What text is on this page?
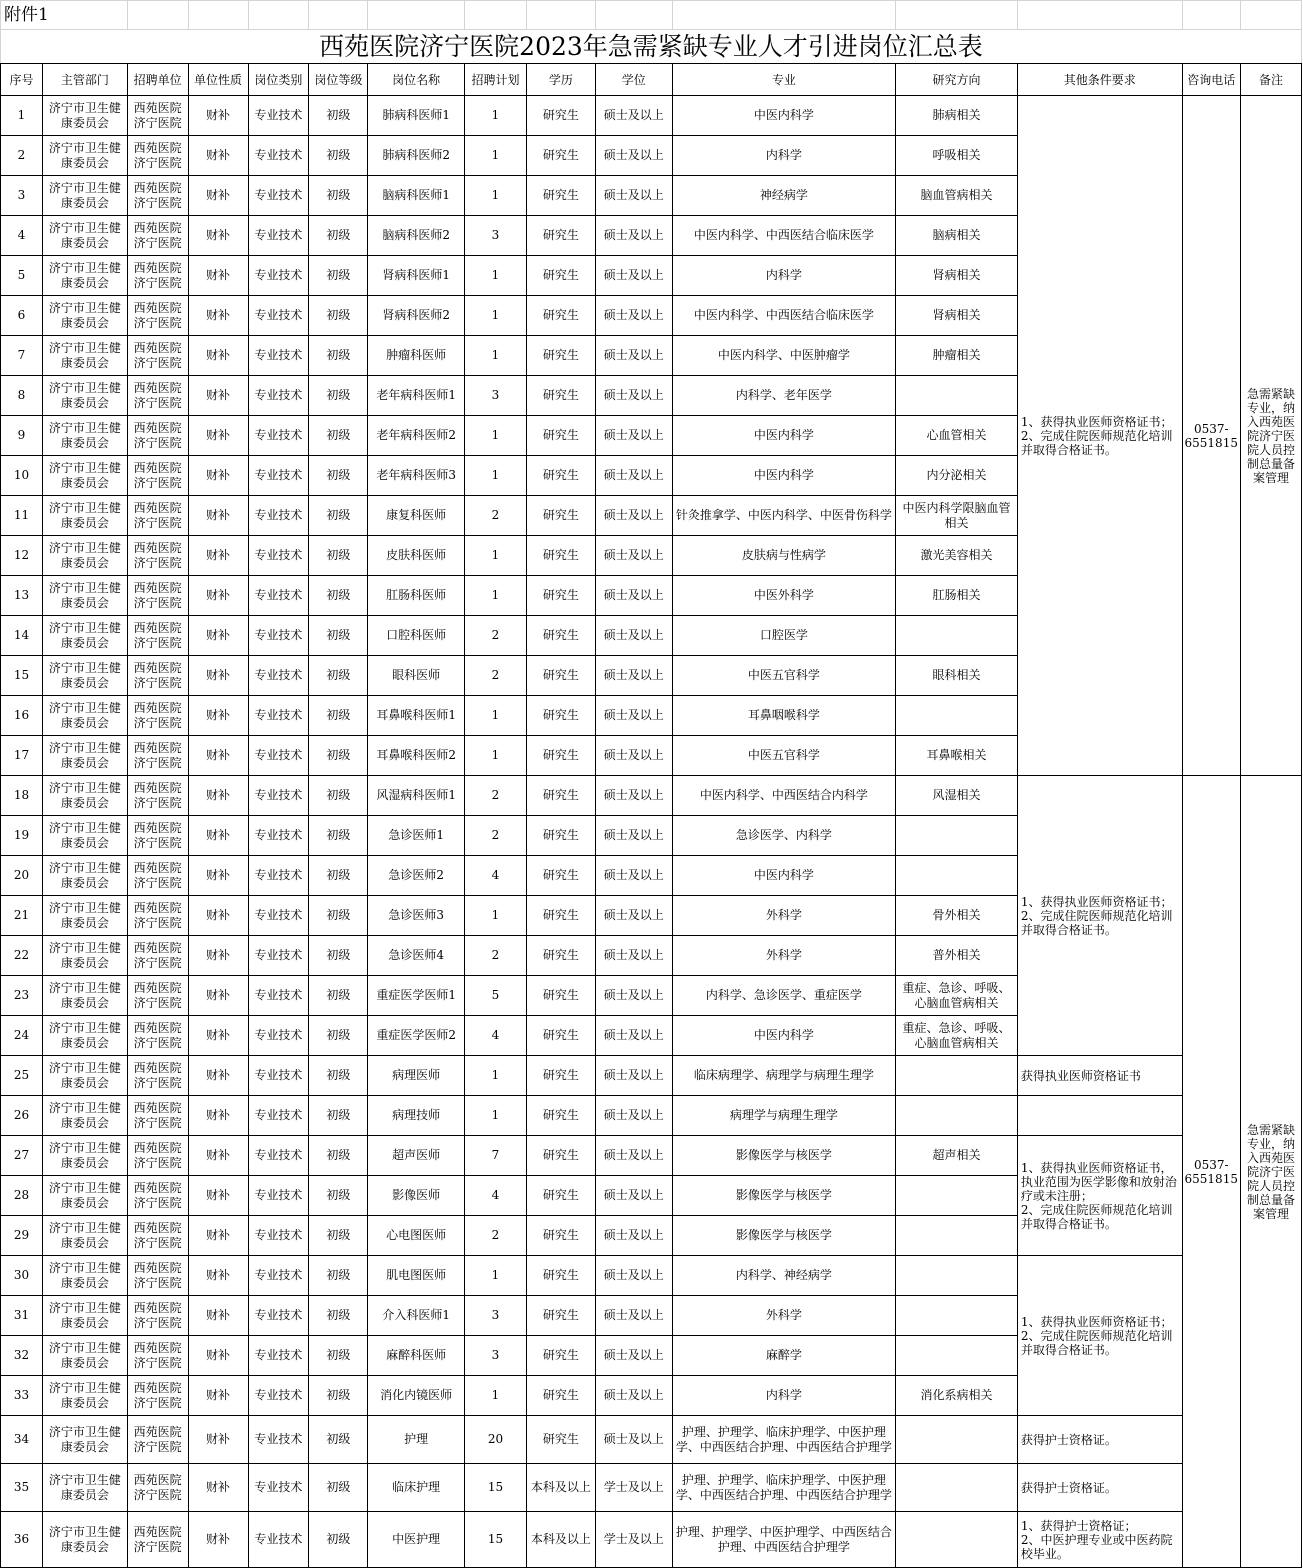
附件1														
西苑医院济宁医院2023年急需紧缺专业人才引进岗位汇总表														
序号	主管部门	招聘单位	单位性质	岗位类别	岗位等级	岗位名称	招聘计划	学历	学位	专业	研究方向	其他条件要求	咨询电话	备注
1	济宁市卫生健康委员会	西苑医院济宁医院	财补	专业技术	初级	肺病科医师1	1	研究生	硕士及以上	中医内科学	肺病相关	1、获得执业医师资格证书；
2、完成住院医师规范化培训并取得合格证书。	0537-6551815	急需紧缺专业，纳入西苑医院济宁医院人员控制总量备案管理
2	济宁市卫生健康委员会	西苑医院济宁医院	财补	专业技术	初级	肺病科医师2	1	研究生	硕士及以上	内科学	呼吸相关			
3	济宁市卫生健康委员会	西苑医院济宁医院	财补	专业技术	初级	脑病科医师1	1	研究生	硕士及以上	神经病学	脑血管病相关			
4	济宁市卫生健康委员会	西苑医院济宁医院	财补	专业技术	初级	脑病科医师2	3	研究生	硕士及以上	中医内科学、中西医结合临床医学	脑病相关			
5	济宁市卫生健康委员会	西苑医院济宁医院	财补	专业技术	初级	肾病科医师1	1	研究生	硕士及以上	内科学	肾病相关			
6	济宁市卫生健康委员会	西苑医院济宁医院	财补	专业技术	初级	肾病科医师2	1	研究生	硕士及以上	中医内科学、中西医结合临床医学	肾病相关			
7	济宁市卫生健康委员会	西苑医院济宁医院	财补	专业技术	初级	肿瘤科医师	1	研究生	硕士及以上	中医内科学、中医肿瘤学	肿瘤相关			
8	济宁市卫生健康委员会	西苑医院济宁医院	财补	专业技术	初级	老年病科医师1	3	研究生	硕士及以上	内科学、老年医学				
9	济宁市卫生健康委员会	西苑医院济宁医院	财补	专业技术	初级	老年病科医师2	1	研究生	硕士及以上	中医内科学	心血管相关			
10	济宁市卫生健康委员会	西苑医院济宁医院	财补	专业技术	初级	老年病科医师3	1	研究生	硕士及以上	中医内科学	内分泌相关			
11	济宁市卫生健康委员会	西苑医院济宁医院	财补	专业技术	初级	康复科医师	2	研究生	硕士及以上	针灸推拿学、中医内科学、中医骨伤科学	中医内科学限脑血管相关			
12	济宁市卫生健康委员会	西苑医院济宁医院	财补	专业技术	初级	皮肤科医师	1	研究生	硕士及以上	皮肤病与性病学	激光美容相关			
13	济宁市卫生健康委员会	西苑医院济宁医院	财补	专业技术	初级	肛肠科医师	1	研究生	硕士及以上	中医外科学	肛肠相关			
14	济宁市卫生健康委员会	西苑医院济宁医院	财补	专业技术	初级	口腔科医师	2	研究生	硕士及以上	口腔医学				
15	济宁市卫生健康委员会	西苑医院济宁医院	财补	专业技术	初级	眼科医师	2	研究生	硕士及以上	中医五官科学	眼科相关			
16	济宁市卫生健康委员会	西苑医院济宁医院	财补	专业技术	初级	耳鼻喉科医师1	1	研究生	硕士及以上	耳鼻咽喉科学				
17	济宁市卫生健康委员会	西苑医院济宁医院	财补	专业技术	初级	耳鼻喉科医师2	1	研究生	硕士及以上	中医五官科学	耳鼻喉相关			
18	济宁市卫生健康委员会	西苑医院济宁医院	财补	专业技术	初级	风湿病科医师1	2	研究生	硕士及以上	中医内科学、中西医结合内科学	风湿相关	1、获得执业医师资格证书；
2、完成住院医师规范化培训并取得合格证书。	0537-6551815	急需紧缺专业，纳入西苑医院济宁医院人员控制总量备案管理
19	济宁市卫生健康委员会	西苑医院济宁医院	财补	专业技术	初级	急诊医师1	2	研究生	硕士及以上	急诊医学、内科学				
20	济宁市卫生健康委员会	西苑医院济宁医院	财补	专业技术	初级	急诊医师2	4	研究生	硕士及以上	中医内科学				
21	济宁市卫生健康委员会	西苑医院济宁医院	财补	专业技术	初级	急诊医师3	1	研究生	硕士及以上	外科学	骨外相关			
22	济宁市卫生健康委员会	西苑医院济宁医院	财补	专业技术	初级	急诊医师4	2	研究生	硕士及以上	外科学	普外相关			
23	济宁市卫生健康委员会	西苑医院济宁医院	财补	专业技术	初级	重症医学医师1	5	研究生	硕士及以上	内科学、急诊医学、重症医学	重症、急诊、呼吸、心脑血管病相关			
24	济宁市卫生健康委员会	西苑医院济宁医院	财补	专业技术	初级	重症医学医师2	4	研究生	硕士及以上	中医内科学	重症、急诊、呼吸、心脑血管病相关			
25	济宁市卫生健康委员会	西苑医院济宁医院	财补	专业技术	初级	病理医师	1	研究生	硕士及以上	临床病理学、病理学与病理生理学		获得执业医师资格证书		
26	济宁市卫生健康委员会	西苑医院济宁医院	财补	专业技术	初级	病理技师	1	研究生	硕士及以上	病理学与病理生理学				
27	济宁市卫生健康委员会	西苑医院济宁医院	财补	专业技术	初级	超声医师	7	研究生	硕士及以上	影像医学与核医学	超声相关	1、获得执业医师资格证书，执业范围为医学影像和放射治疗或未注册；
2、完成住院医师规范化培训并取得合格证书。		
28	济宁市卫生健康委员会	西苑医院济宁医院	财补	专业技术	初级	影像医师	4	研究生	硕士及以上	影像医学与核医学				
29	济宁市卫生健康委员会	西苑医院济宁医院	财补	专业技术	初级	心电图医师	2	研究生	硕士及以上	影像医学与核医学				
30	济宁市卫生健康委员会	西苑医院济宁医院	财补	专业技术	初级	肌电图医师	1	研究生	硕士及以上	内科学、神经病学		1、获得执业医师资格证书；
2、完成住院医师规范化培训并取得合格证书。		
31	济宁市卫生健康委员会	西苑医院济宁医院	财补	专业技术	初级	介入科医师1	3	研究生	硕士及以上	外科学				
32	济宁市卫生健康委员会	西苑医院济宁医院	财补	专业技术	初级	麻醉科医师	3	研究生	硕士及以上	麻醉学				
33	济宁市卫生健康委员会	西苑医院济宁医院	财补	专业技术	初级	消化内镜医师	1	研究生	硕士及以上	内科学	消化系病相关			
34	济宁市卫生健康委员会	西苑医院济宁医院	财补	专业技术	初级	护理	20	研究生	硕士及以上	护理、护理学、临床护理学、中医护理学、中西医结合护理、中西医结合护理学		获得护士资格证。		
35	济宁市卫生健康委员会	西苑医院济宁医院	财补	专业技术	初级	临床护理	15	本科及以上	学士及以上	护理、护理学、临床护理学、中医护理学、中西医结合护理、中西医结合护理学		获得护士资格证。		
36	济宁市卫生健康委员会	西苑医院济宁医院	财补	专业技术	初级	中医护理	15	本科及以上	学士及以上	护理、护理学、中医护理学、中西医结合护理、中西医结合护理学		1、获得护士资格证；
2、中医护理专业或中医药院校毕业。		
